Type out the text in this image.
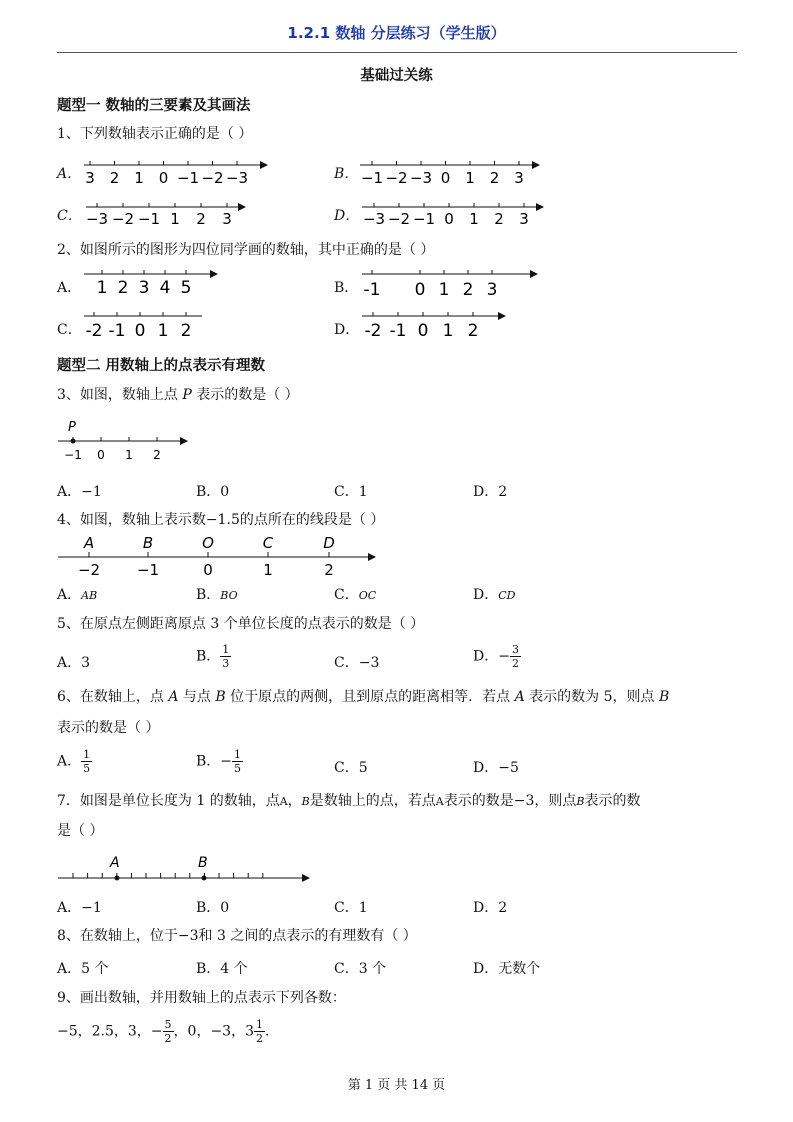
1.2.1 数轴 分层练习（学生版）
基础过关练
题型一 数轴的三要素及其画法
1、下列数轴表示正确的是（ ）
A． 3 2 1 0 −1 −2 −3	B． −1 −2 −3 0 1 2 3
C． −3 −2 −1 1 2 3	D． −3 −2 −1 0 1 2 3
2、如图所示的图形为四位同学画的数轴，其中正确的是（ ）
A． 1 2 3 4 5	B． -1 0 1 2 3
C． -2 -1 0 1 2	D． -2 -1 0 1 2
题型二 用数轴上的点表示有理数
3、如图，数轴上点 P 表示的数是（ ）
P
−1 0 1 2
A．−1	B．0	C．1	D．2
4、如图，数轴上表示数−1.5的点所在的线段是（ ）
A
−2
B
−1
O
0
C
1
D
2
A．AB	B．BO	C．OC	D．CD
5、在原点左侧距离原点 3 个单位长度的点表示的数是（ ）
A．3	B． $\frac{1}{3}$	C．−3	D．− $\frac{3}{2}$
6、在数轴上，点 A 与点 B 位于原点的两侧，且到原点的距离相等．若点 A 表示的数为 5，则点 B
表示的数是（ ）
A． $\frac{1}{5}$	B．− $\frac{1}{5}$	C．5	D．−5
7．如图是单位长度为 1 的数轴，点A，B是数轴上的点，若点A表示的数是−3，则点B表示的数
是（ ）
A	B
A．−1	B．0	C．1	D．2
8、在数轴上，位于−3和 3 之间的点表示的有理数有（ ）
A．5 个	B．4 个	C．3 个	D．无数个
9、画出数轴，并用数轴上的点表示下列各数：
−5，2.5，3，− $\frac{5}{2}$ ，0，−3，$3 \frac{1}{2}$ ．
第 1 页 共 14 页
